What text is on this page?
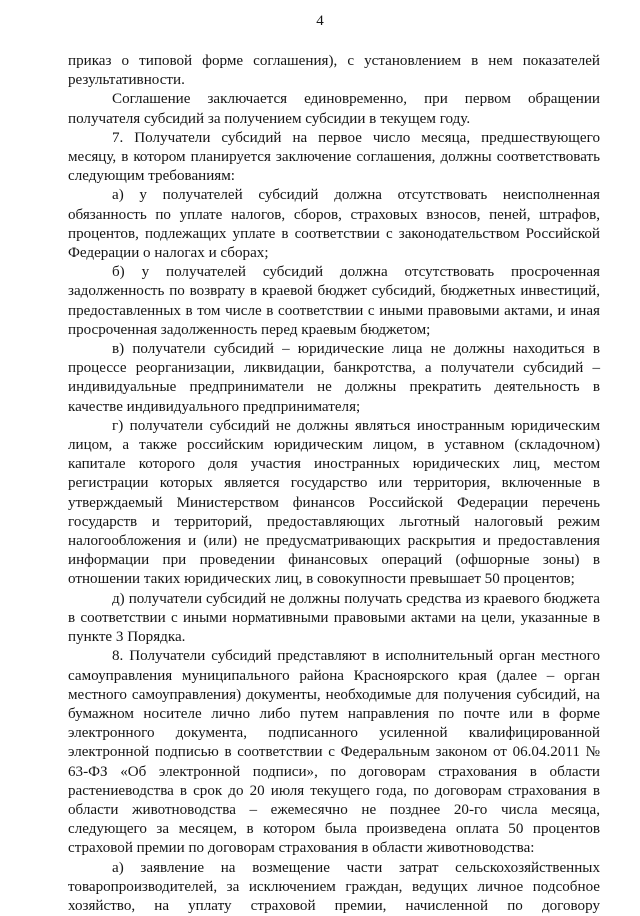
4

приказ о типовой форме соглашения), с установлением в нем показателей результативности.

Соглашение заключается единовременно, при первом обращении получателя субсидий за получением субсидии в текущем году.

7. Получатели субсидий на первое число месяца, предшествующего месяцу, в котором планируется заключение соглашения, должны соответствовать следующим требованиям:

а) у получателей субсидий должна отсутствовать неисполненная обязанность по уплате налогов, сборов, страховых взносов, пеней, штрафов, процентов, подлежащих уплате в соответствии с законодательством Российской Федерации о налогах и сборах;

б) у получателей субсидий должна отсутствовать просроченная задолженность по возврату в краевой бюджет субсидий, бюджетных инвестиций, предоставленных в том числе в соответствии с иными правовыми актами, и иная просроченная задолженность перед краевым бюджетом;

в) получатели субсидий – юридические лица не должны находиться в процессе реорганизации, ликвидации, банкротства, а получатели субсидий – индивидуальные предприниматели не должны прекратить деятельность в качестве индивидуального предпринимателя;

г) получатели субсидий не должны являться иностранным юридическим лицом, а также российским юридическим лицом, в уставном (складочном) капитале которого доля участия иностранных юридических лиц, местом регистрации которых является государство или территория, включенные в утверждаемый Министерством финансов Российской Федерации перечень государств и территорий, предоставляющих льготный налоговый режим налогообложения и (или) не предусматривающих раскрытия и предоставления информации при проведении финансовых операций (офшорные зоны) в отношении таких юридических лиц, в совокупности превышает 50 процентов;

д) получатели субсидий не должны получать средства из краевого бюджета в соответствии с иными нормативными правовыми актами на цели, указанные в пункте 3 Порядка.

8. Получатели субсидий представляют в исполнительный орган местного самоуправления муниципального района Красноярского края (далее – орган местного самоуправления) документы, необходимые для получения субсидий, на бумажном носителе лично либо путем направления по почте или в форме электронного документа, подписанного усиленной квалифицированной электронной подписью в соответствии с Федеральным законом от 06.04.2011 № 63-ФЗ «Об электронной подписи», по договорам страхования в области растениеводства в срок до 20 июля текущего года, по договорам страхования в области животноводства – ежемесячно не позднее 20-го числа месяца, следующего за месяцем, в котором была произведена оплата 50 процентов страховой премии по договорам страхования в области животноводства:

а) заявление на возмещение части затрат сельскохозяйственных товаропроизводителей, за исключением граждан, ведущих личное подсобное хозяйство, на уплату страховой премии, начисленной по договору
